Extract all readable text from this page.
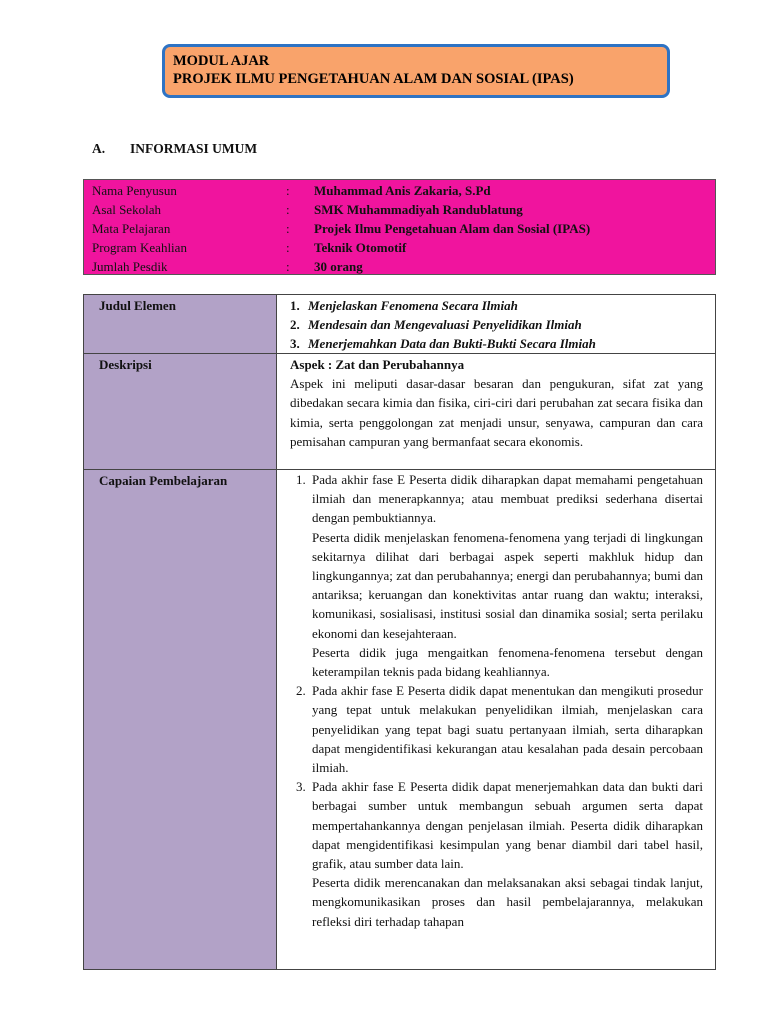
MODUL AJAR
PROJEK ILMU PENGETAHUAN ALAM DAN SOSIAL (IPAS)
A. INFORMASI UMUM
Nama Penyusun	:	Muhammad Anis Zakaria, S.Pd
Asal Sekolah	:	SMK Muhammadiyah Randublatung
Mata Pelajaran	:	Projek Ilmu Pengetahuan Alam dan Sosial (IPAS)
Program Keahlian	:	Teknik Otomotif
Jumlah Pesdik	:	30 orang
Judul Elemen	1. Menjelaskan Fenomena Secara Ilmiah
2. Mendesain dan Mengevaluasi Penyelidikan Ilmiah
3. Menerjemahkan Data dan Bukti-Bukti Secara Ilmiah
Deskripsi	Aspek : Zat dan Perubahannya
Aspek ini meliputi dasar-dasar besaran dan pengukuran, sifat zat yang dibedakan secara kimia dan fisika, ciri-ciri dari perubahan zat secara fisika dan kimia, serta penggolongan zat menjadi unsur, senyawa, campuran dan cara pemisahan campuran yang bermanfaat secara ekonomis.
Capaian Pembelajaran	1. Pada akhir fase E Peserta didik diharapkan dapat memahami pengetahuan ilmiah dan menerapkannya; atau membuat prediksi sederhana disertai dengan pembuktiannya.

Peserta didik menjelaskan fenomena-fenomena yang terjadi di lingkungan sekitarnya dilihat dari berbagai aspek seperti makhluk hidup dan lingkungannya; zat dan perubahannya; energi dan perubahannya; bumi dan antariksa; keruangan dan konektivitas antar ruang dan waktu; interaksi, komunikasi, sosialisasi, institusi sosial dan dinamika sosial; serta perilaku ekonomi dan kesejahteraan.

Peserta didik juga mengaitkan fenomena-fenomena tersebut dengan keterampilan teknis pada bidang keahliannya.

2. Pada akhir fase E Peserta didik dapat menentukan dan mengikuti prosedur yang tepat untuk melakukan penyelidikan ilmiah, menjelaskan cara penyelidikan yang tepat bagi suatu pertanyaan ilmiah, serta diharapkan dapat mengidentifikasi kekurangan atau kesalahan pada desain percobaan ilmiah.

3. Pada akhir fase E Peserta didik dapat menerjemahkan data dan bukti dari berbagai sumber untuk membangun sebuah argumen serta dapat mempertahankannya dengan penjelasan ilmiah. Peserta didik diharapkan dapat mengidentifikasi kesimpulan yang benar diambil dari tabel hasil, grafik, atau sumber data lain.

Peserta didik merencanakan dan melaksanakan aksi sebagai tindak lanjut, mengkomunikasikan proses dan hasil pembelajarannya, melakukan refleksi diri terhadap tahapan
